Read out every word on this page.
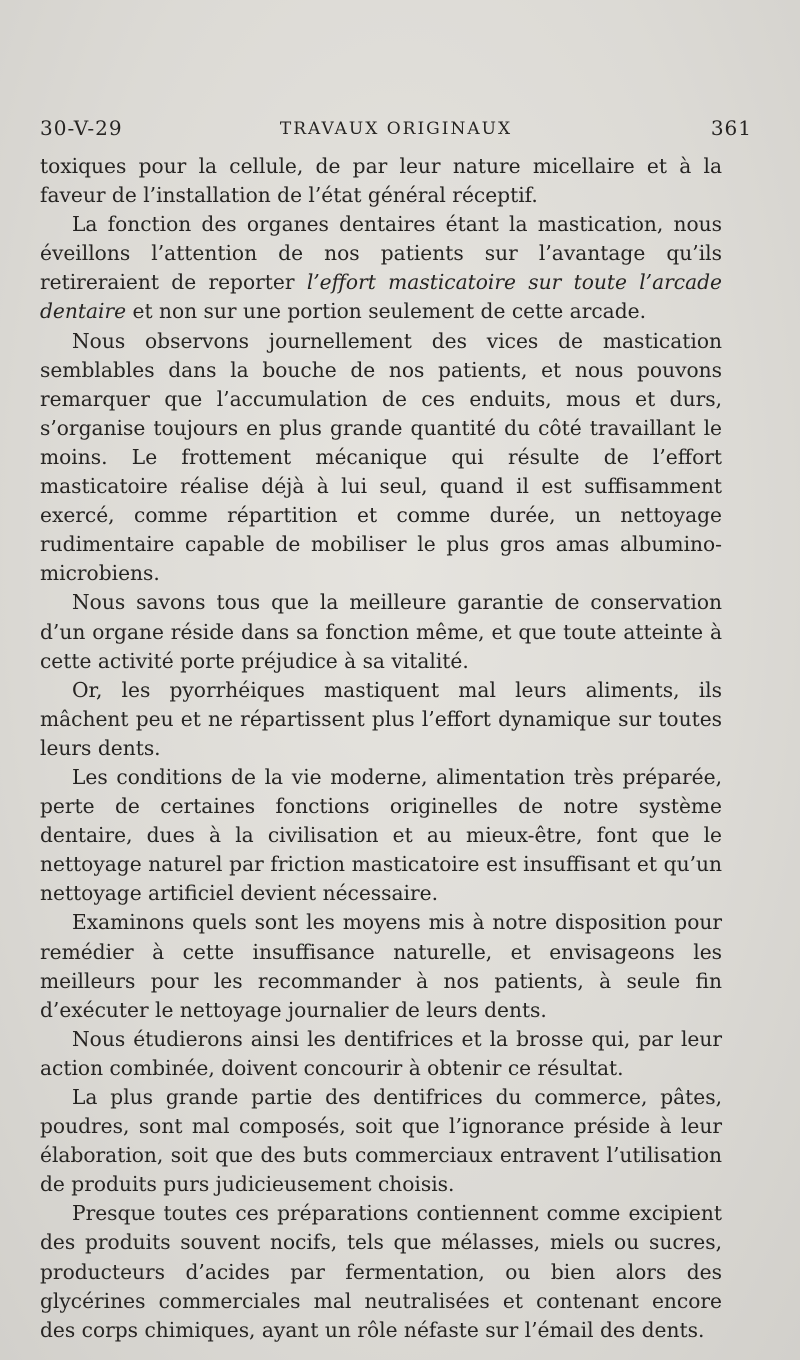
30-V-29	TRAVAUX ORIGINAUX	361

toxiques pour la cellule, de par leur nature micellaire et à la faveur de l’installation de l’état général réceptif.

La fonction des organes dentaires étant la mastication, nous éveillons l’attention de nos patients sur l’avantage qu’ils retireraient de reporter l’effort masticatoire sur toute l’arcade dentaire et non sur une portion seulement de cette arcade.

Nous observons journellement des vices de mastication semblables dans la bouche de nos patients, et nous pouvons remarquer que l’accumulation de ces enduits, mous et durs, s’organise toujours en plus grande quantité du côté travaillant le moins. Le frottement mécanique qui résulte de l’effort masticatoire réalise déjà à lui seul, quand il est suffisamment exercé, comme répartition et comme durée, un nettoyage rudimentaire capable de mobiliser le plus gros amas albumino-microbiens.

Nous savons tous que la meilleure garantie de conservation d’un organe réside dans sa fonction même, et que toute atteinte à cette activité porte préjudice à sa vitalité.

Or, les pyorrhéiques mastiquent mal leurs aliments, ils mâchent peu et ne répartissent plus l’effort dynamique sur toutes leurs dents.

Les conditions de la vie moderne, alimentation très préparée, perte de certaines fonctions originelles de notre système dentaire, dues à la civilisation et au mieux-être, font que le nettoyage naturel par friction masticatoire est insuffisant et qu’un nettoyage artificiel devient nécessaire.

Examinons quels sont les moyens mis à notre disposition pour remédier à cette insuffisance naturelle, et envisageons les meilleurs pour les recommander à nos patients, à seule fin d’exécuter le nettoyage journalier de leurs dents.

Nous étudierons ainsi les dentifrices et la brosse qui, par leur action combinée, doivent concourir à obtenir ce résultat.

La plus grande partie des dentifrices du commerce, pâtes, poudres, sont mal composés, soit que l’ignorance préside à leur élaboration, soit que des buts commerciaux entravent l’utilisation de produits purs judicieusement choisis.

Presque toutes ces préparations contiennent comme excipient des produits souvent nocifs, tels que mélasses, miels ou sucres, producteurs d’acides par fermentation, ou bien alors des glycérines commerciales mal neutralisées et contenant encore des corps chimiques, ayant un rôle néfaste sur l’émail des dents.
